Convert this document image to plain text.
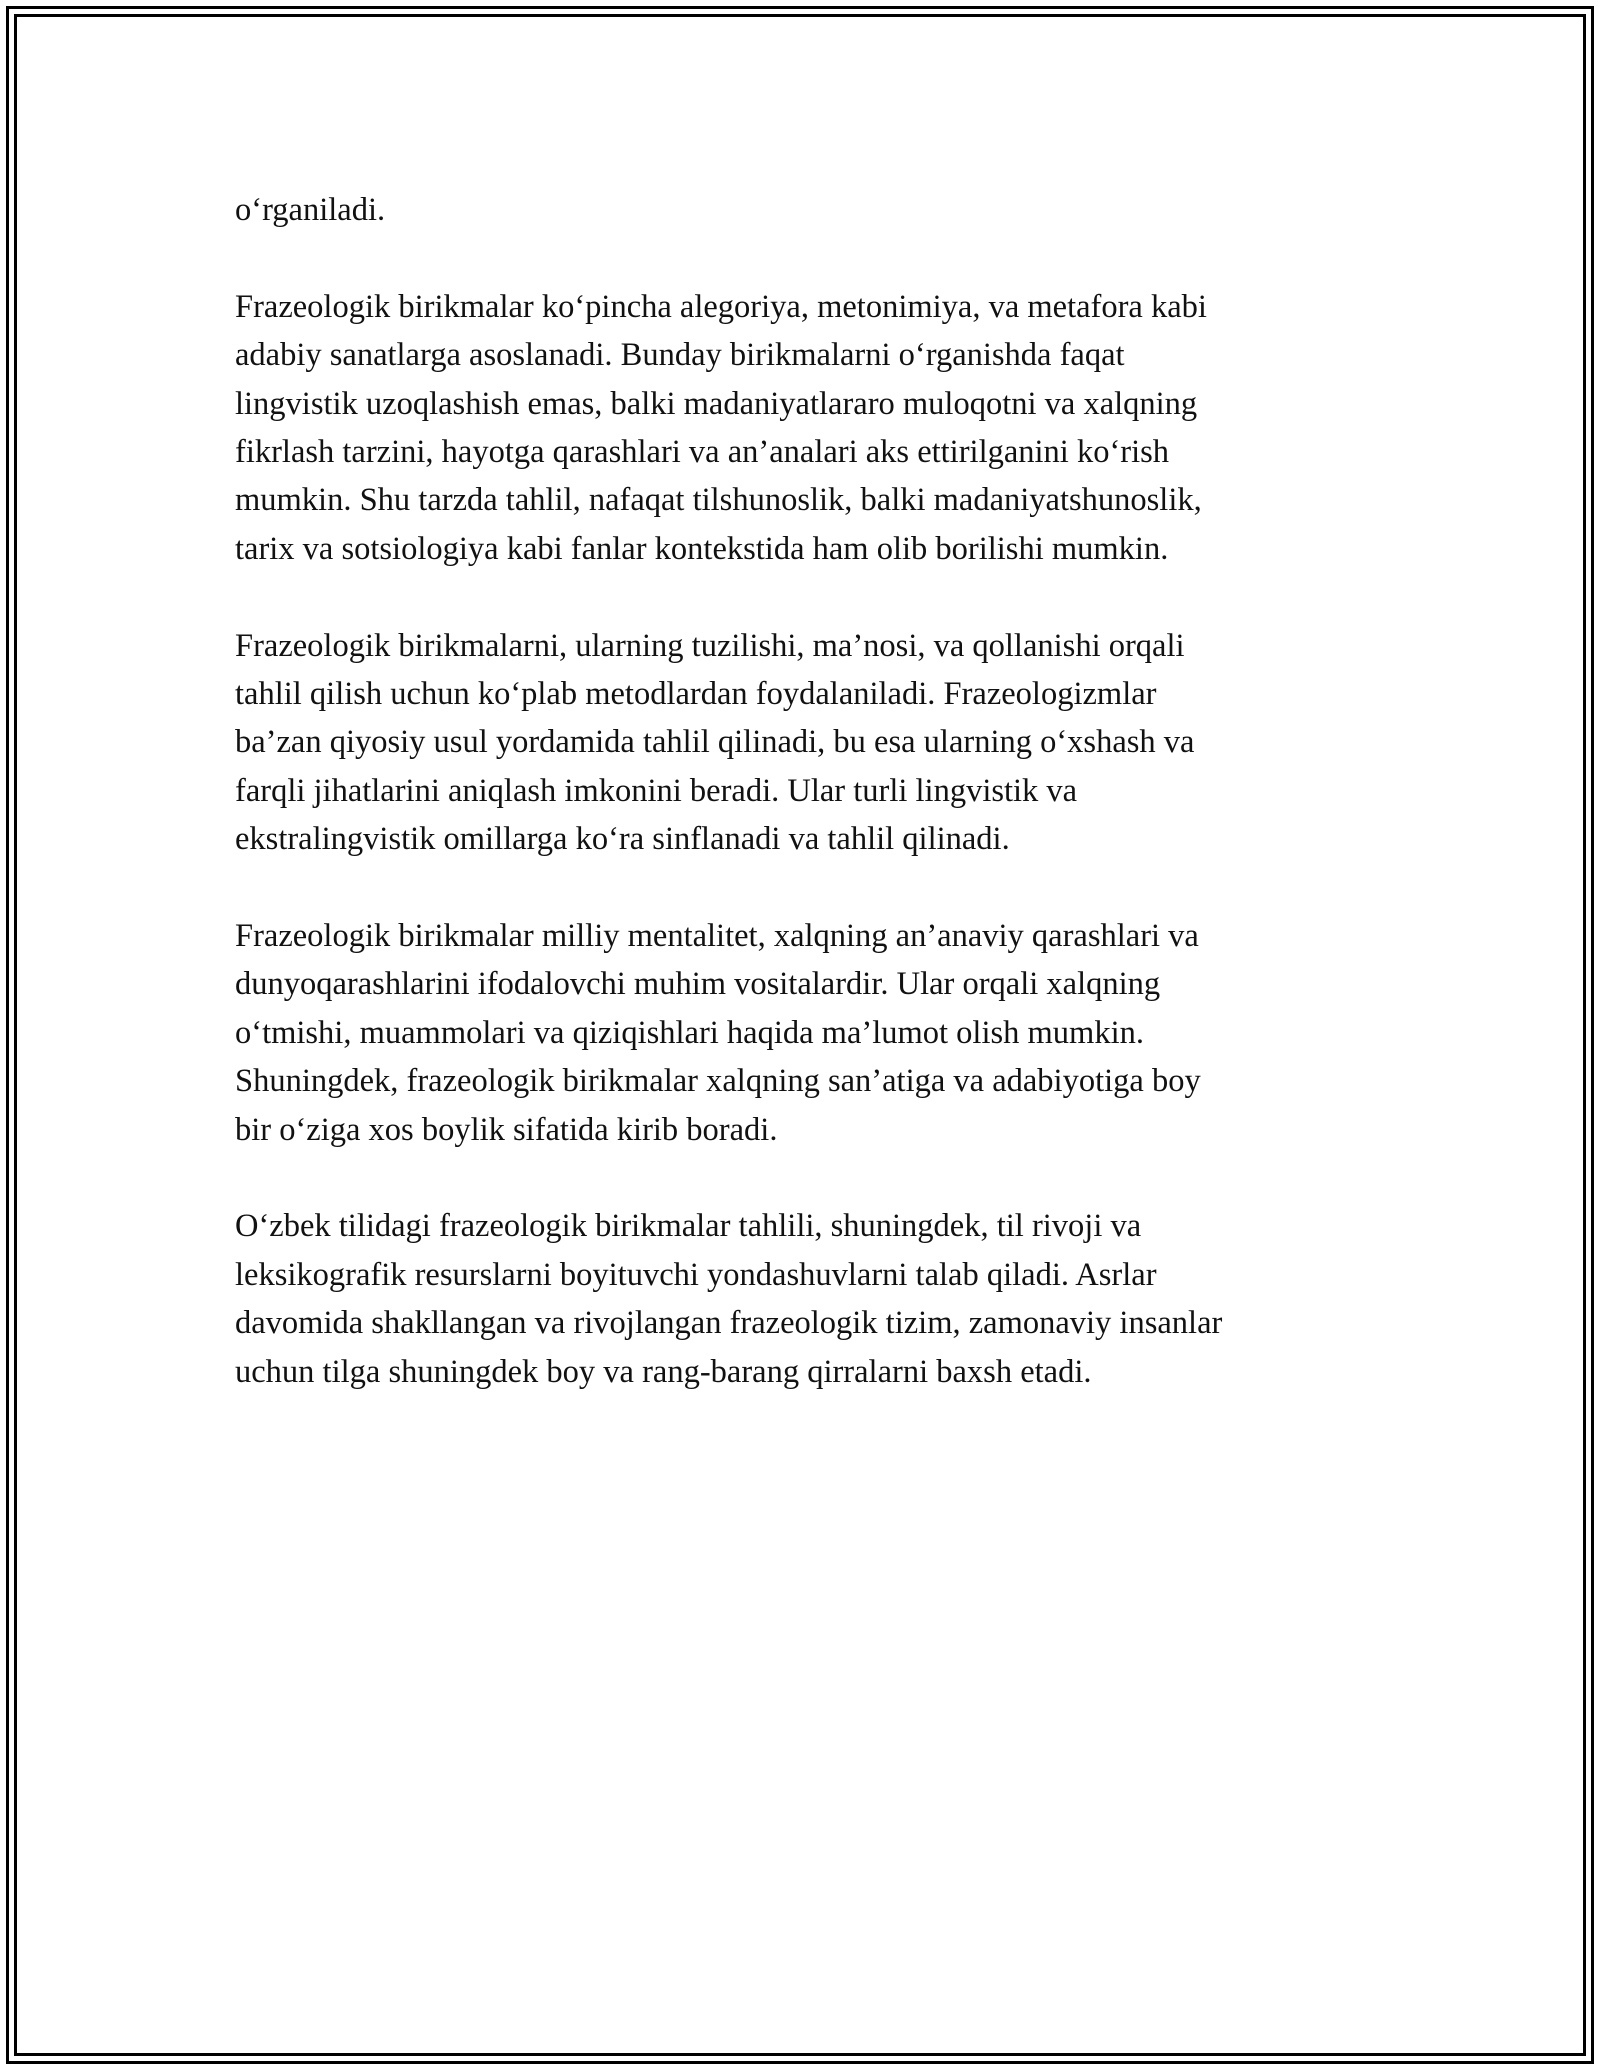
o‘rganiladi.

Frazeologik birikmalar ko‘pincha alegoriya, metonimiya, va metafora kabi
adabiy sanatlarga asoslanadi. Bunday birikmalarni o‘rganishda faqat
lingvistik uzoqlashish emas, balki madaniyatlararo muloqotni va xalqning
fikrlash tarzini, hayotga qarashlari va an’analari aks ettirilganini ko‘rish
mumkin. Shu tarzda tahlil, nafaqat tilshunoslik, balki madaniyatshunoslik,
tarix va sotsiologiya kabi fanlar kontekstida ham olib borilishi mumkin.

Frazeologik birikmalarni, ularning tuzilishi, ma’nosi, va qollanishi orqali
tahlil qilish uchun ko‘plab metodlardan foydalaniladi. Frazeologizmlar
ba’zan qiyosiy usul yordamida tahlil qilinadi, bu esa ularning o‘xshash va
farqli jihatlarini aniqlash imkonini beradi. Ular turli lingvistik va
ekstralingvistik omillarga ko‘ra sinflanadi va tahlil qilinadi.

Frazeologik birikmalar milliy mentalitet, xalqning an’anaviy qarashlari va
dunyoqarashlarini ifodalovchi muhim vositalardir. Ular orqali xalqning
o‘tmishi, muammolari va qiziqishlari haqida ma’lumot olish mumkin.
Shuningdek, frazeologik birikmalar xalqning san’atiga va adabiyotiga boy
bir o‘ziga xos boylik sifatida kirib boradi.

O‘zbek tilidagi frazeologik birikmalar tahlili, shuningdek, til rivoji va
leksikografik resurslarni boyituvchi yondashuvlarni talab qiladi. Asrlar
davomida shakllangan va rivojlangan frazeologik tizim, zamonaviy insanlar
uchun tilga shuningdek boy va rang-barang qirralarni baxsh etadi.
